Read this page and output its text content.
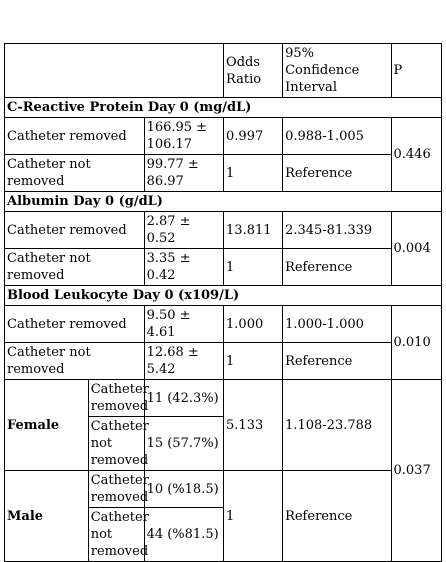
			Odds Ratio	95% Confidence Interval	P
C-Reactive Protein Day 0 (mg/dL)					
Catheter removed		166.95 ± 106.17	0.997	0.988-1.005	0.446
Catheter not removed		99.77 ± 86.97	1	Reference	
Albumin Day 0 (g/dL)					
Catheter removed		2.87 ± 0.52	13.811	2.345-81.339	0.004
Catheter not removed		3.35 ± 0.42	1	Reference	
Blood Leukocyte Day 0 (x109/L)					
Catheter removed		9.50 ± 4.61	1.000	1.000-1.000	0.010
Catheter not removed		12.68 ± 5.42	1	Reference	
Female	Catheter removed	11 (42.3%)	5.133	1.108-23.788	0.037
	Catheter not removed	15 (57.7%)			
Male	Catheter removed	10 (%18.5)	1	Reference	
	Catheter not removed	44 (%81.5)			
